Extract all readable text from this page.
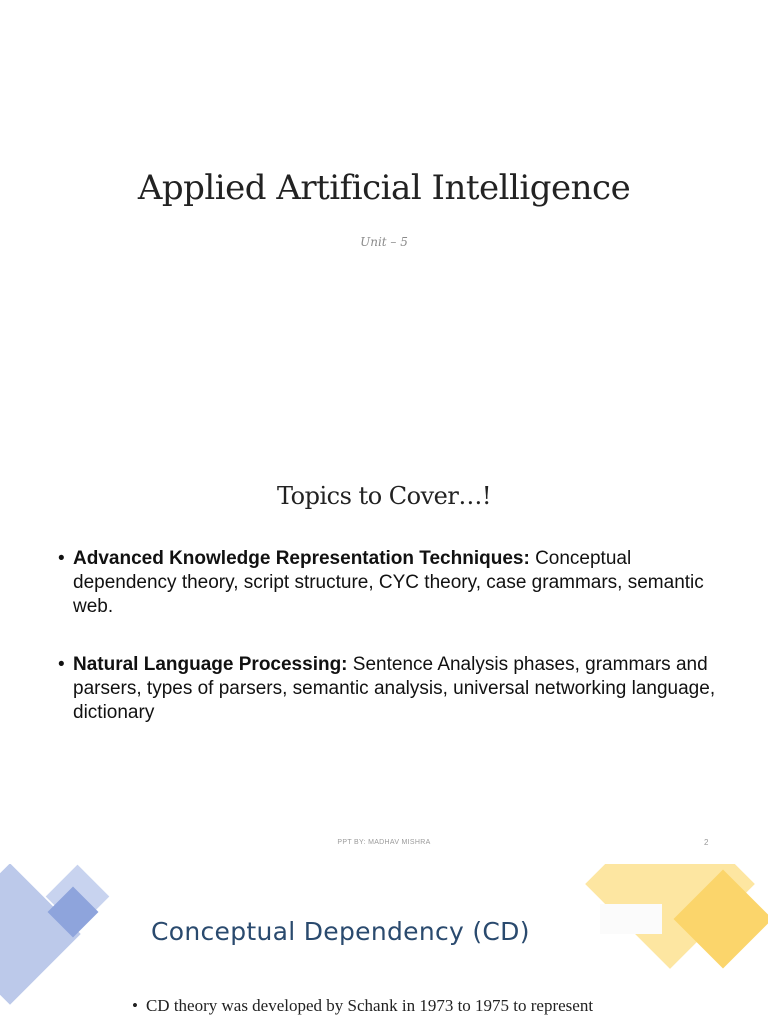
Applied Artificial Intelligence
Unit – 5
Topics to Cover…!
• Advanced Knowledge Representation Techniques: Conceptual dependency theory, script structure, CYC theory, case grammars, semantic web.
• Natural Language Processing: Sentence Analysis phases, grammars and parsers, types of parsers, semantic analysis, universal networking language, dictionary
PPT BY: MADHAV MISHRA	2
Conceptual Dependency (CD)
• CD theory was developed by Schank in 1973 to 1975 to represent
